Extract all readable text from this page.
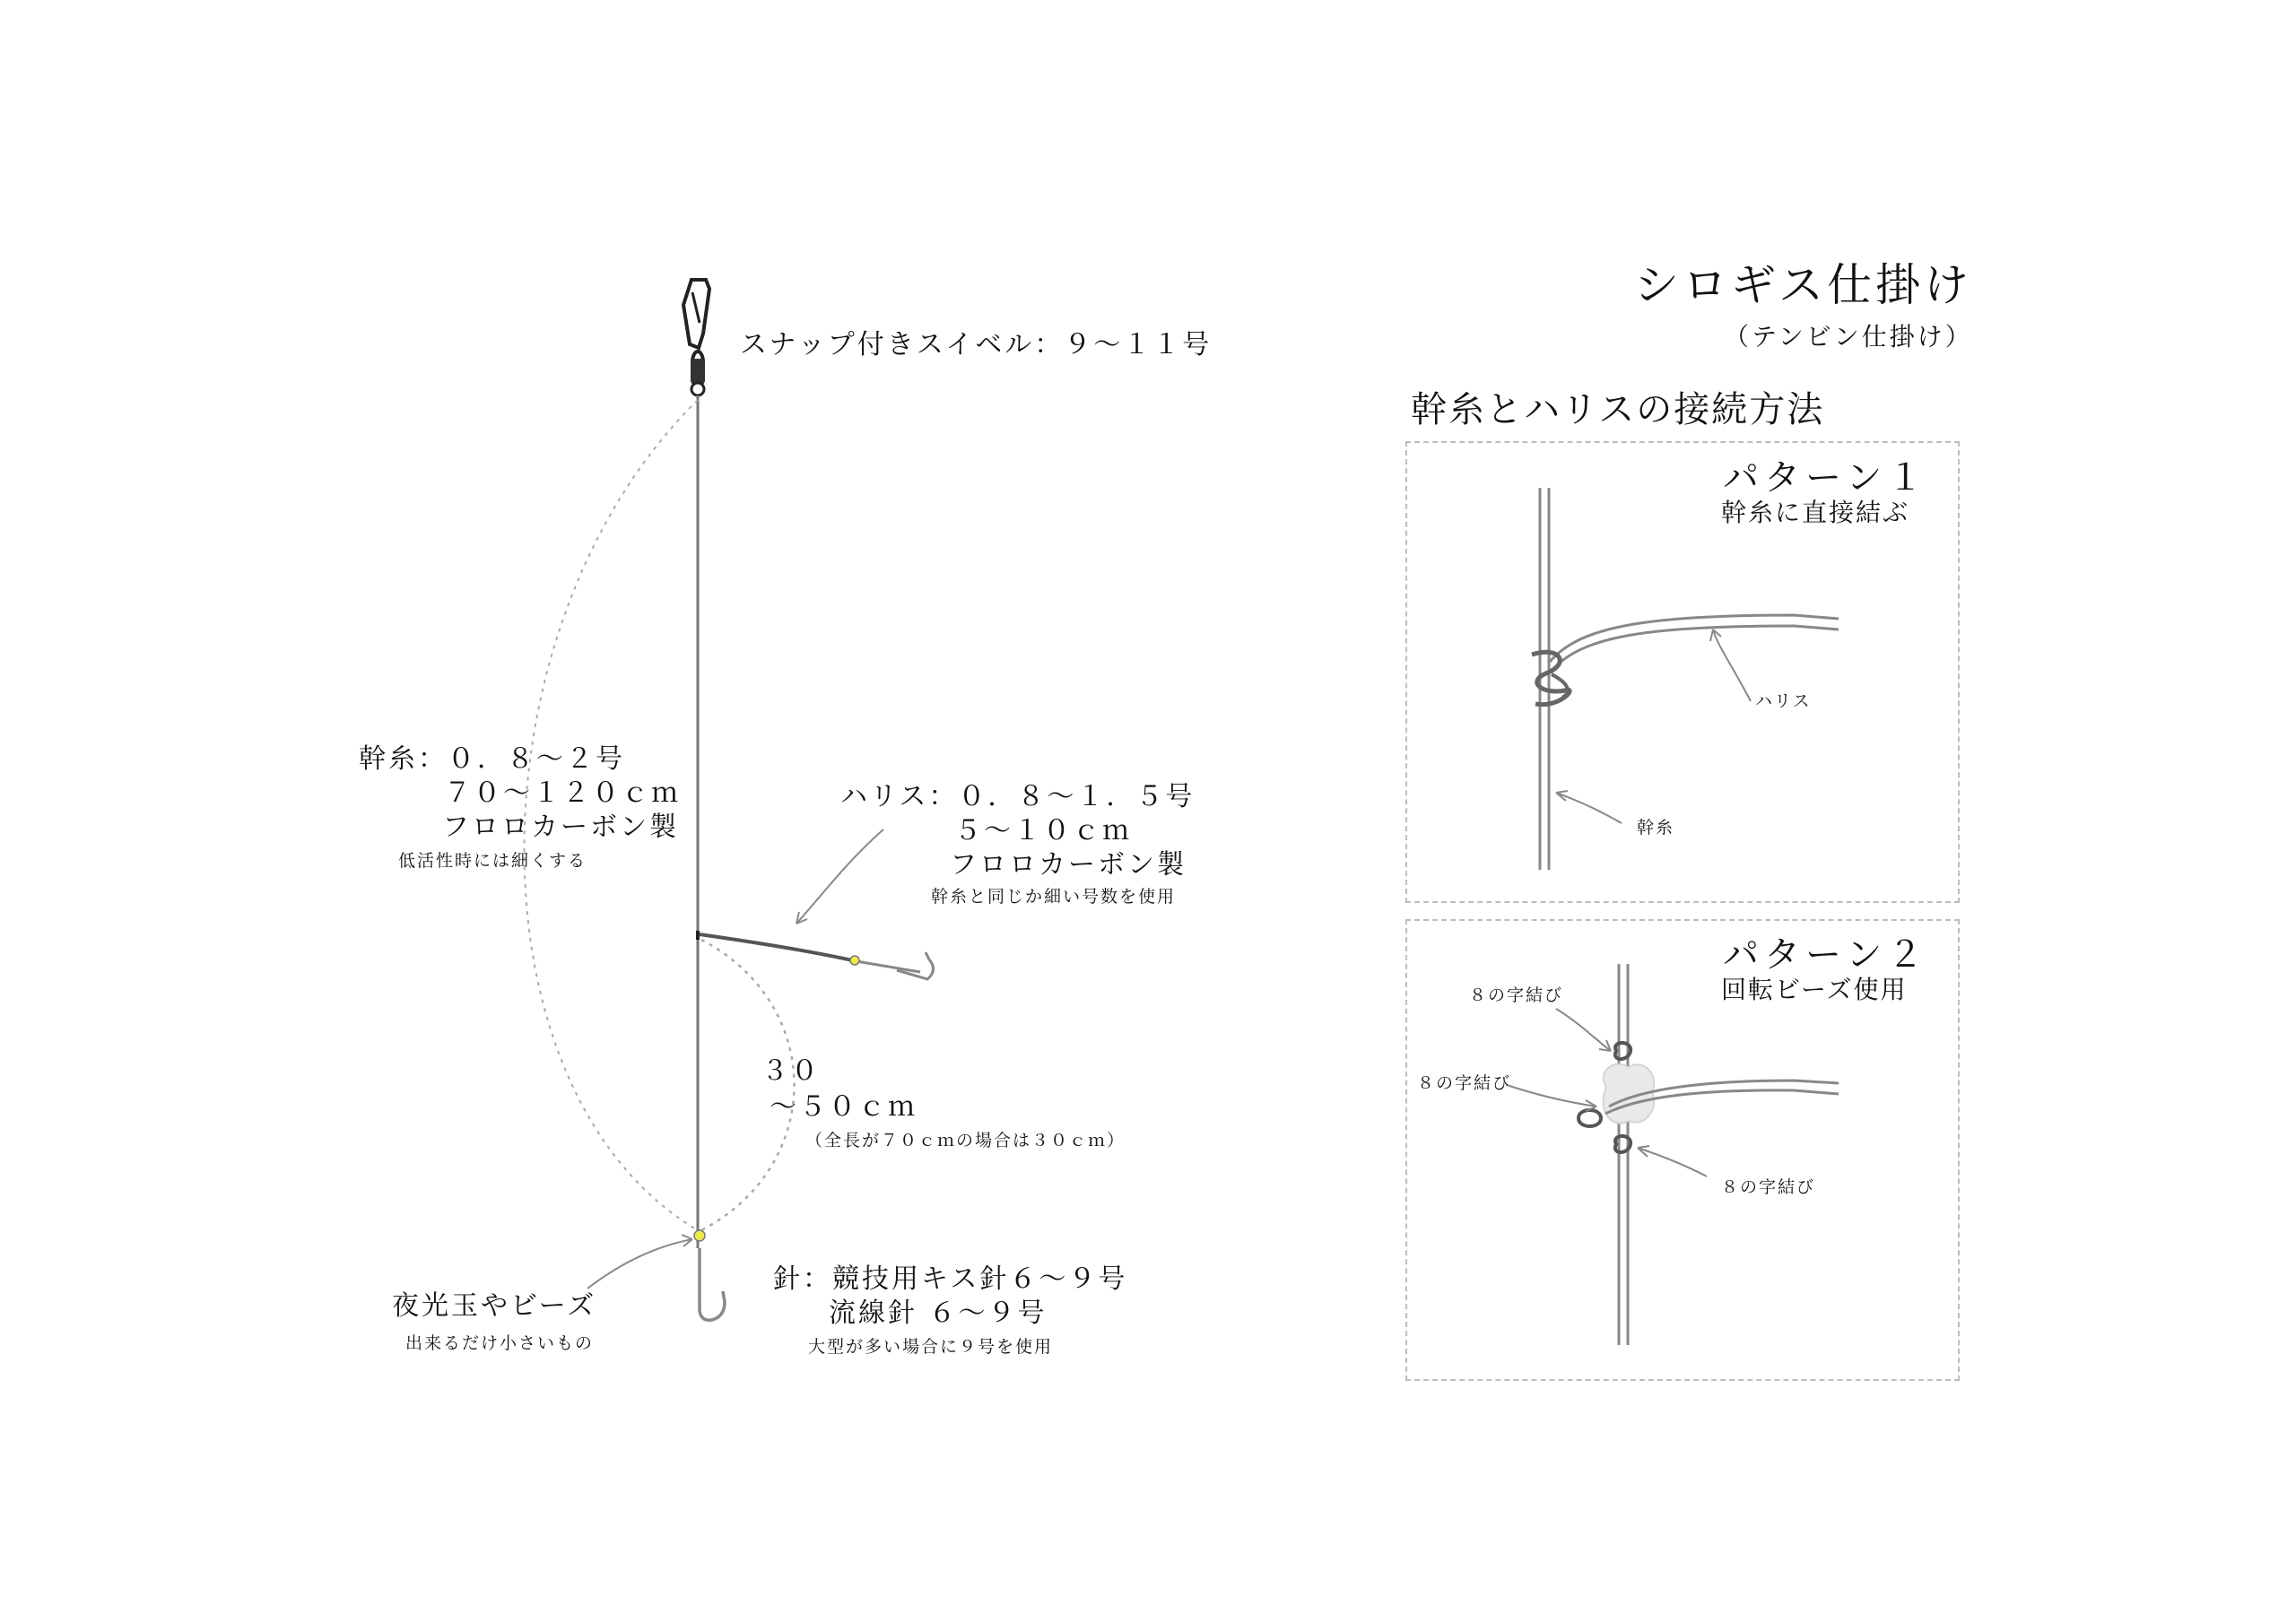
シロギス仕掛け
（テンビン仕掛け）
幹糸とハリスの接続方法
スナップ付きスイベル：９～１１号
幹糸：０．８～２号
７０～１２０ｃｍ
フロロカーボン製
低活性時には細くする
ハリス：０．８～１．５号
５～１０ｃｍ
フロロカーボン製
幹糸と同じか細い号数を使用
３０
～５０ｃｍ
（全長が７０ｃｍの場合は３０ｃｍ）
夜光玉やビーズ
出来るだけ小さいもの
針：競技用キス針６～９号
流線針 ６～９号
大型が多い場合に９号を使用
パターン１
幹糸に直接結ぶ
ハリス
幹糸
パターン２
回転ビーズ使用
８の字結び
８の字結び
８の字結び
